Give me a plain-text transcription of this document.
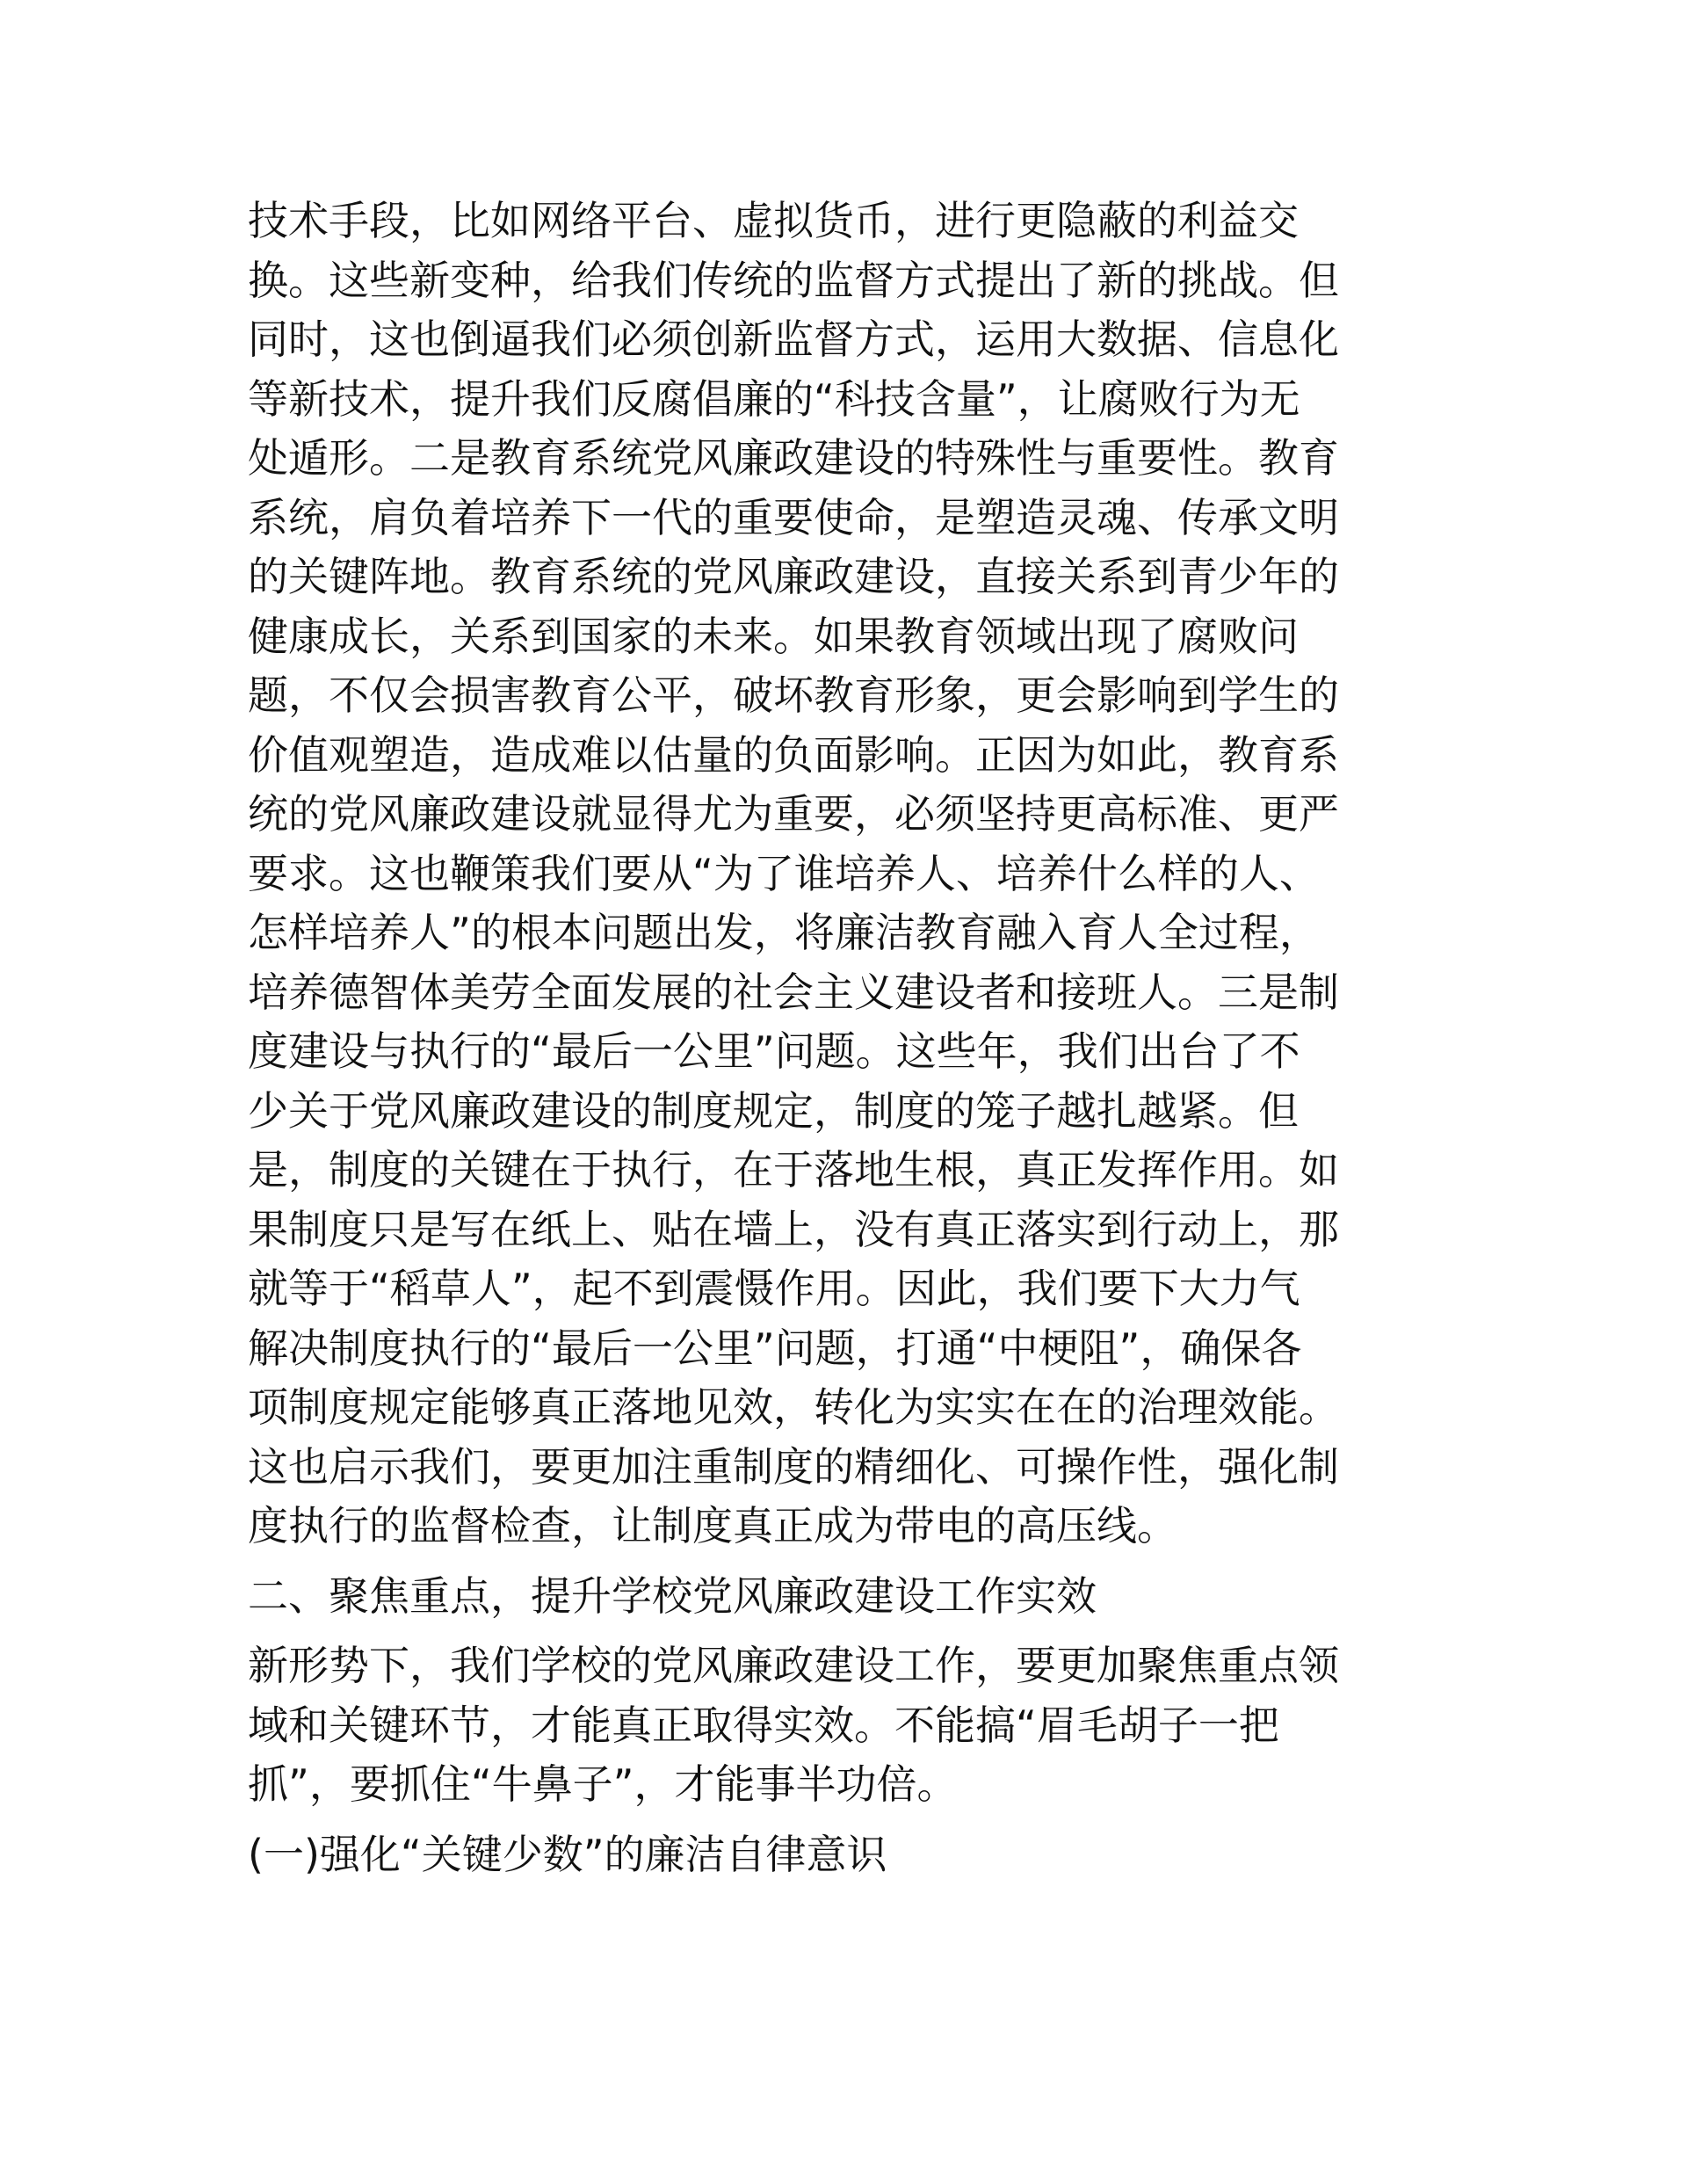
技术手段，比如网络平台、虚拟货币，进行更隐蔽的利益交
换。这些新变种，给我们传统的监督方式提出了新的挑战。但
同时，这也倒逼我们必须创新监督方式，运用大数据、信息化
等新技术，提升我们反腐倡廉的“科技含量”，让腐败行为无
处遁形。二是教育系统党风廉政建设的特殊性与重要性。教育
系统，肩负着培养下一代的重要使命，是塑造灵魂、传承文明
的关键阵地。教育系统的党风廉政建设，直接关系到青少年的
健康成长，关系到国家的未来。如果教育领域出现了腐败问
题，不仅会损害教育公平，破坏教育形象，更会影响到学生的
价值观塑造，造成难以估量的负面影响。正因为如此，教育系
统的党风廉政建设就显得尤为重要，必须坚持更高标准、更严
要求。这也鞭策我们要从“为了谁培养人、培养什么样的人、
怎样培养人”的根本问题出发，将廉洁教育融入育人全过程，
培养德智体美劳全面发展的社会主义建设者和接班人。三是制
度建设与执行的“最后一公里”问题。这些年，我们出台了不
少关于党风廉政建设的制度规定，制度的笼子越扎越紧。但
是，制度的关键在于执行，在于落地生根，真正发挥作用。如
果制度只是写在纸上、贴在墙上，没有真正落实到行动上，那
就等于“稻草人”，起不到震慑作用。因此，我们要下大力气
解决制度执行的“最后一公里”问题，打通“中梗阻”，确保各
项制度规定能够真正落地见效，转化为实实在在的治理效能。
这也启示我们，要更加注重制度的精细化、可操作性，强化制
度执行的监督检查，让制度真正成为带电的高压线。
二、聚焦重点，提升学校党风廉政建设工作实效
新形势下，我们学校的党风廉政建设工作，要更加聚焦重点领
域和关键环节，才能真正取得实效。不能搞“眉毛胡子一把
抓”，要抓住“牛鼻子”，才能事半功倍。
(一)强化“关键少数”的廉洁自律意识
